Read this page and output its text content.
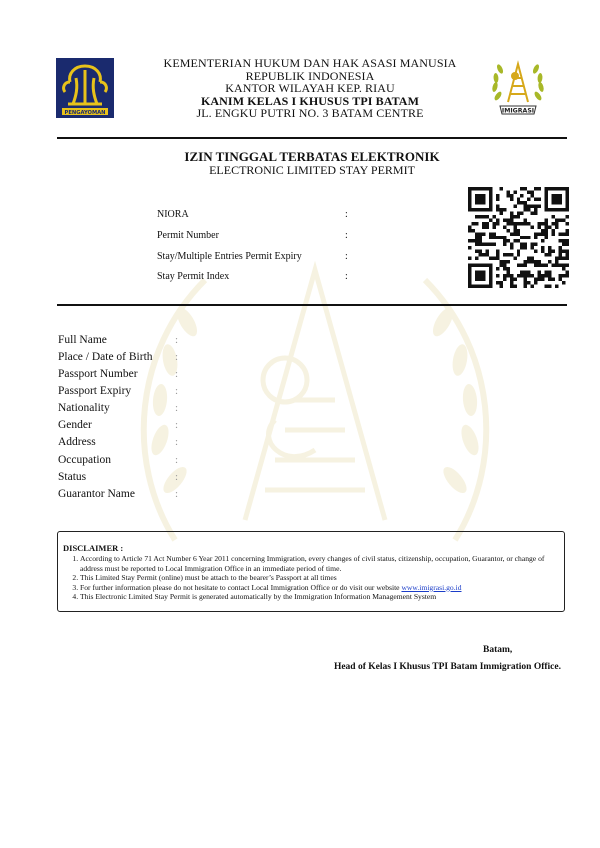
PENGAYOMAN
KEMENTERIAN HUKUM DAN HAK ASASI MANUSIA
REPUBLIK INDONESIA
KANTOR WILAYAH KEP. RIAU
KANIM KELAS I KHUSUS TPI BATAM
JL. ENGKU PUTRI NO. 3 BATAM CENTRE	IMIGRASI
IZIN TINGGAL TERBATAS ELEKTRONIK
ELECTRONIC LIMITED STAY PERMIT
NIORA	:
Permit Number	:
Stay/Multiple Entries Permit Expiry	:
Stay Permit Index	:
Full Name	:
Place / Date of Birth :
Passport Number	:
Passport Expiry	:
Nationality	:
Gender	:
Address	:
Occupation	:
Status	:
Guarantor Name	:
DISCLAIMER :
1. According to Article 71 Act Number 6 Year 2011 concerning Immigration, every changes of civil status, citizenship, occupation, Guarantor, or change of address must be reported to Local Immigration Office in an immediate period of time.
2. This Limited Stay Permit (online) must be attach to the bearer’s Passport at all times
3. For further information please do not hesitate to contact Local Immigration Office or do visit our website www.imigrasi.go.id
4. This Electronic Limited Stay Permit is generated automatically by the Immigration Information Management System
Batam,
Head of Kelas I Khusus TPI Batam Immigration Office.
